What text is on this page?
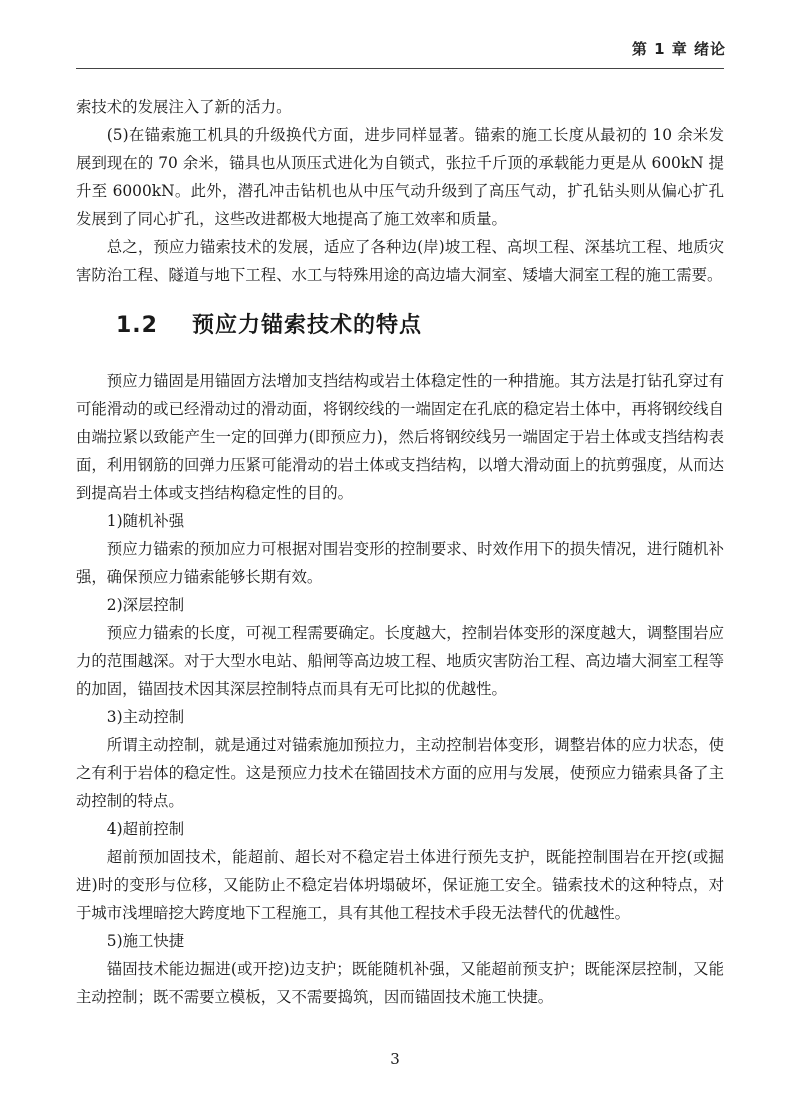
第 1 章 绪论

索技术的发展注入了新的活力。

(5)在锚索施工机具的升级换代方面，进步同样显著。锚索的施工长度从最初的 10 余米发展到现在的 70 余米，锚具也从顶压式进化为自锁式，张拉千斤顶的承载能力更是从 600kN 提升至 6000kN。此外，潜孔冲击钻机也从中压气动升级到了高压气动，扩孔钻头则从偏心扩孔发展到了同心扩孔，这些改进都极大地提高了施工效率和质量。

总之，预应力锚索技术的发展，适应了各种边(岸)坡工程、高坝工程、深基坑工程、地质灾害防治工程、隧道与地下工程、水工与特殊用途的高边墙大洞室、矮墙大洞室工程的施工需要。

1.2 预应力锚索技术的特点

预应力锚固是用锚固方法增加支挡结构或岩土体稳定性的一种措施。其方法是打钻孔穿过有可能滑动的或已经滑动过的滑动面，将钢绞线的一端固定在孔底的稳定岩土体中，再将钢绞线自由端拉紧以致能产生一定的回弹力(即预应力)，然后将钢绞线另一端固定于岩土体或支挡结构表面，利用钢筋的回弹力压紧可能滑动的岩土体或支挡结构，以增大滑动面上的抗剪强度，从而达到提高岩土体或支挡结构稳定性的目的。

1)随机补强

预应力锚索的预加应力可根据对围岩变形的控制要求、时效作用下的损失情况，进行随机补强，确保预应力锚索能够长期有效。

2)深层控制

预应力锚索的长度，可视工程需要确定。长度越大，控制岩体变形的深度越大，调整围岩应力的范围越深。对于大型水电站、船闸等高边坡工程、地质灾害防治工程、高边墙大洞室工程等的加固，锚固技术因其深层控制特点而具有无可比拟的优越性。

3)主动控制

所谓主动控制，就是通过对锚索施加预拉力，主动控制岩体变形，调整岩体的应力状态，使之有利于岩体的稳定性。这是预应力技术在锚固技术方面的应用与发展，使预应力锚索具备了主动控制的特点。

4)超前控制

超前预加固技术，能超前、超长对不稳定岩土体进行预先支护，既能控制围岩在开挖(或掘进)时的变形与位移，又能防止不稳定岩体坍塌破坏，保证施工安全。锚索技术的这种特点，对于城市浅埋暗挖大跨度地下工程施工，具有其他工程技术手段无法替代的优越性。

5)施工快捷

锚固技术能边掘进(或开挖)边支护；既能随机补强，又能超前预支护；既能深层控制，又能主动控制；既不需要立模板，又不需要捣筑，因而锚固技术施工快捷。

3
